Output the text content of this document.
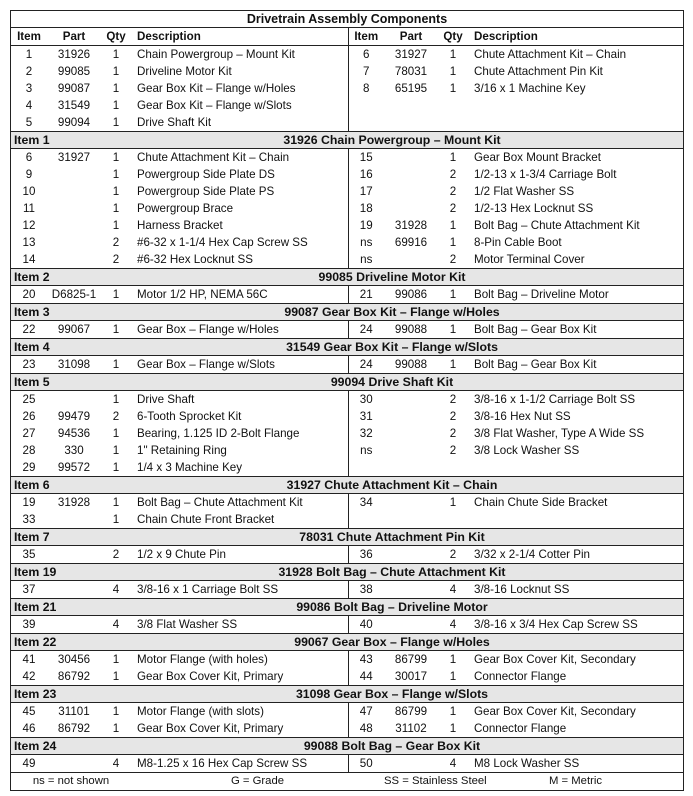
Drivetrain Assembly Components							
Item	Part	Qty	Description	Item	Part	Qty	Description
1	31926	1	Chain Powergroup – Mount Kit	6	31927	1	Chute Attachment Kit – Chain
2	99085	1	Driveline Motor Kit	7	78031	1	Chute Attachment Pin Kit
3	99087	1	Gear Box Kit – Flange w/Holes	8	65195	1	3/16 x 1 Machine Key
4	31549	1	Gear Box Kit – Flange w/Slots				
5	99094	1	Drive Shaft Kit				
Item 1		31926 Chain Powergroup – Mount Kit					
6	31927	1	Chute Attachment Kit – Chain	15		1	Gear Box Mount Bracket
9		1	Powergroup Side Plate DS	16		2	1/2-13 x 1-3/4 Carriage Bolt
10		1	Powergroup Side Plate PS	17		2	1/2 Flat Washer SS
11		1	Powergroup Brace	18		2	1/2-13 Hex Locknut SS
12		1	Harness Bracket	19	31928	1	Bolt Bag – Chute Attachment Kit
13		2	#6-32 x 1-1/4 Hex Cap Screw SS	ns	69916	1	8-Pin Cable Boot
14		2	#6-32 Hex Locknut SS	ns		2	Motor Terminal Cover
Item 2		99085 Driveline Motor Kit					
20	D6825-1	1	Motor 1/2 HP, NEMA 56C	21	99086	1	Bolt Bag – Driveline Motor
Item 3		99087 Gear Box Kit – Flange w/Holes					
22	99067	1	Gear Box – Flange w/Holes	24	99088	1	Bolt Bag – Gear Box Kit
Item 4		31549 Gear Box Kit – Flange w/Slots					
23	31098	1	Gear Box – Flange w/Slots	24	99088	1	Bolt Bag – Gear Box Kit
Item 5		99094 Drive Shaft Kit					
25		1	Drive Shaft	30		2	3/8-16 x 1-1/2 Carriage Bolt SS
26	99479	2	6-Tooth Sprocket Kit	31		2	3/8-16 Hex Nut SS
27	94536	1	Bearing, 1.125 ID 2-Bolt Flange	32		2	3/8 Flat Washer, Type A Wide SS
28	330	1	1" Retaining Ring	ns		2	3/8 Lock Washer SS
29	99572	1	1/4 x 3 Machine Key				
Item 6		31927 Chute Attachment Kit – Chain					
19	31928	1	Bolt Bag – Chute Attachment Kit	34		1	Chain Chute Side Bracket
33		1	Chain Chute Front Bracket				
Item 7		78031 Chute Attachment Pin Kit					
35		2	1/2 x 9 Chute Pin	36		2	3/32 x 2-1/4 Cotter Pin
Item 19		31928 Bolt Bag – Chute Attachment Kit					
37		4	3/8-16 x 1 Carriage Bolt SS	38		4	3/8-16 Locknut SS
Item 21		99086 Bolt Bag – Driveline Motor					
39		4	3/8 Flat Washer SS	40		4	3/8-16 x 3/4 Hex Cap Screw SS
Item 22		99067 Gear Box – Flange w/Holes					
41	30456	1	Motor Flange (with holes)	43	86799	1	Gear Box Cover Kit, Secondary
42	86792	1	Gear Box Cover Kit, Primary	44	30017	1	Connector Flange
Item 23		31098 Gear Box – Flange w/Slots					
45	31101	1	Motor Flange (with slots)	47	86799	1	Gear Box Cover Kit, Secondary
46	86792	1	Gear Box Cover Kit, Primary	48	31102	1	Connector Flange
Item 24		99088 Bolt Bag – Gear Box Kit					
49		4	M8-1.25 x 16 Hex Cap Screw SS	50		4	M8 Lock Washer SS
ns = not shown			G = Grade		SS = Stainless Steel		M = Metric
